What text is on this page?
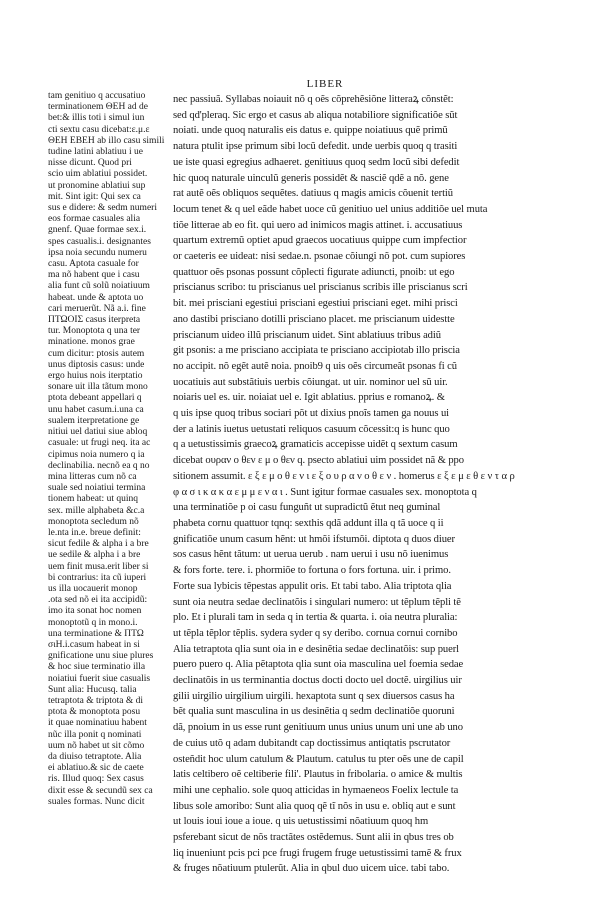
LIBER
tam genitiuo q accusatiuo
terminationem ΘΕΗ ad de
bet:& illis toti i simul iun
cti sextu casu dicebat:ε.μ.ε
ΘΕΗ ΕΒΕΗ ab illo casu simili
tudine latini ablatiuu i ue
nisse dicunt. Quod pri
scio uim ablatiui possidet.
ut pronomine ablatiui sup
mit. Sint igit: Qui sex ca
sus e didere: & sedm numeri
eos formae casuales alia
gnenf. Quae formae sex.i.
spes casualis.i. designantes
ipsa noia secundu numeru
casu. Aptota casuale for
ma nõ habent que i casu
alia funt cũ solũ noiatiuum
habeat. unde & aptota uo
cari meruerũt. Nã a.i. fine
ΠΤΩΟΙΣ casus iterpreta
tur. Monoptota q una ter
minatione. monos grae
cum dicitur: ptosis autem
unus diptosis casus: unde
ergo huius nois iterptatio
sonare uit illa tãtum mono
ptota debeant appellari q
unu habet casum.i.una ca
sualem iterpretatione ge
nitiui uel datiui siue abloq
casuale: ut frugi neq. ita ac
cipimus noia numero q ia
declinabilia. necnõ ea q no
mina litteras cum nõ ca
suale sed noiatiui termina
tionem habeat: ut quinq
sex. mille alphabeta &c.a
monoptota secledum nõ
le.nta in.e. breue definit:
sicut fedile & alpha i a bre
ue sedile & alpha i a bre
uem finit musa.erit liber si
bi contrarius: ita cũ iuperi
us illa uocauerit monop
.ota sed nõ ei ita accipidũ:
imo ita sonat hoc nomen
monoptotũ q in mono.i.
una terminatione & ΠΤΩ
σιΗ.i.casum habeat in si
gnificatione unu siue plures
& hoc siue terminatio illa
noiatiui fuerit siue casualis
Sunt alia: Hucusq. talia
tetraptota & triptota & di
ptota & monoptota posu
it quae nominatiuu habent
nũc illa ponit q nominati
uum nõ habet ut sit cõmo
da diuiso tetraptote. Alia
ei ablatiuo.& sic de caete
ris. Illud quoq: Sex casus
dixit esse & secundũ sex ca
suales formas. Nunc dicit
nec passiuã. Syllabas noiauit nõ q oẽs cõprehẽsiõne litteraꝝ cõnstẽt:
sed qd'pleraq. Sic ergo et casus ab aliqua notabiliore significatiõe sũt
noiati. unde quoq naturalis eis datus e. quippe noiatiuus quẽ primũ
natura ptulit ipse primum sibi locũ defedit. unde uerbis quoq q trasiti
ue iste quasi egregius adhaeret. genitiuus quoq sedm locũ sibi defedit
hic quoq naturale uinculũ generis possidẽt & nasciẽ qdẽ a nõ. gene
rat autẽ oẽs obliquos sequẽtes. datiuus q magis amicis cõuenit tertiũ
locum tenet & q uel eãde habet uoce cũ genitiuo uel unius additiõe uel muta
tiõe litterae ab eo fit. qui uero ad inimicos magis attinet. i. accusatiuus
quartum extremũ optiet apud graecos uocatiuus quippe cum impfectior
or caeteris ee uideat: nisi sedae.n. psonae cõiungi nõ pot. cum supiores
quattuor oẽs psonas possunt cõplecti figurate adiuncti, pnoib: ut ego
priscianus scribo: tu priscianus uel priscianus scribis ille priscianus scri
bit. mei prisciani egestiui prisciani egestiui prisciani eget. mihi prisci
ano dastibi prisciano dotilli prisciano placet. me priscianum uidestte
priscianum uideo illũ priscianum uidet. Sint ablatiuus tribus adiũ
git psonis: a me prisciano accipiata te prisciano accipiotab illo priscia
no accipit. nõ egẽt autẽ noia. pnoib9 q uis oẽs circumeãt psonas fi cũ
uocatiuis aut substãtiuis uerbis cõiungat. ut uir. nominor uel sũ uir.
noiaris uel es. uir. noiaiat uel e. Igit ablatius. pprius e romanoꝝ. &
q uis ipse quoq tribus sociari põt ut dixius pnoĩs tamen ga nouus ui
der a latinis iuetus uetustati reliquos casuum cõcessit:q is hunc quo
q a uetustissimis graecoꝝ gramaticis accepisse uidẽt q sextum casum
dicebat ουραν ο θεν ε μ ο θεν q. psecto ablatiui uim possidet nã & ppo
sitionem assumit. ε ξ ε μ ο θ ε ν ι ε ξ ο υ ρ α ν ο θ ε ν . homerus ε ξ ε μ ε θ ε ν τ α ρ
φ α σ ι κ α κ α ε μ μ ε ν α ι . Sunt igitur formae casuales sex. monoptota q
una terminatiõe p oi casu funguñt ut supradictũ ẽtut neq guminal
phabeta cornu quattuor tqnq: sexthis qdã addunt illa q tã uoce q ii
gnificatiõe unum casum hẽnt: ut hmõi ifstumõi. diptota q duos diuer
sos casus hẽnt tãtum: ut uerua uerub . nam uerui i usu nõ iuenimus
& fors forte. tere. i. phormiõe to fortuna o fors fortuna. uir. i primo.
Forte sua lybicis tẽpestas appulit oris. Et tabi tabo. Alia triptota qlia
sunt oia neutra sedae declinatõis i singulari numero: ut tẽplum tẽpli tẽ
plo. Et i plurali tam in seda q in tertia & quarta. i. oia neutra pluralia:
ut tẽpla tẽplor tẽplis. sydera syder q sy deribo. cornua cornui cornibo
Alia tetraptota qlia sunt oia in e desinẽtia sedae declinatõis: sup puerl
puero puero q. Alia pẽtaptota qlia sunt oia masculina uel foemia sedae
declinatõis in us terminantia doctus docti docto uel doctẽ. uirgilius uir
gilii uirgilio uirgilium uirgili. hexaptota sunt q sex diuersos casus ha
bẽt qualia sunt masculina in us desinẽtia q sedm declinatiõe quoruni
dã, pnoium in us esse runt genitiuum unus unius unum uni une ab uno
de cuius utõ q adam dubitandt cap doctissimus antiqtatis pscrutator
osteñdit hoc ulum catulum & Plautum. catulus tu pter oẽs une de capil
latis celtibero oẽ celtiberie fili'. Plautus in fribolaria. o amice & multis
mihi une cephalio. sole quoq atticidas in hymaeneos Foelix lectule ta
libus sole amoribo: Sunt alia quoq qẽ tĩ nõs in usu e. obliq aut e sunt
ut louis ioui ioue a ioue. q uis uetustissimi nõatiuum quoq hm
psferebant sicut de nõs tractãtes ostẽdemus. Sunt alii in qbus tres ob
liq inueniunt pcis pci pce frugi frugem fruge uetustissimi tamẽ & frux
& fruges nõatiuum ptulerũt. Alia in qbul duo uicem uice. tabi tabo.
